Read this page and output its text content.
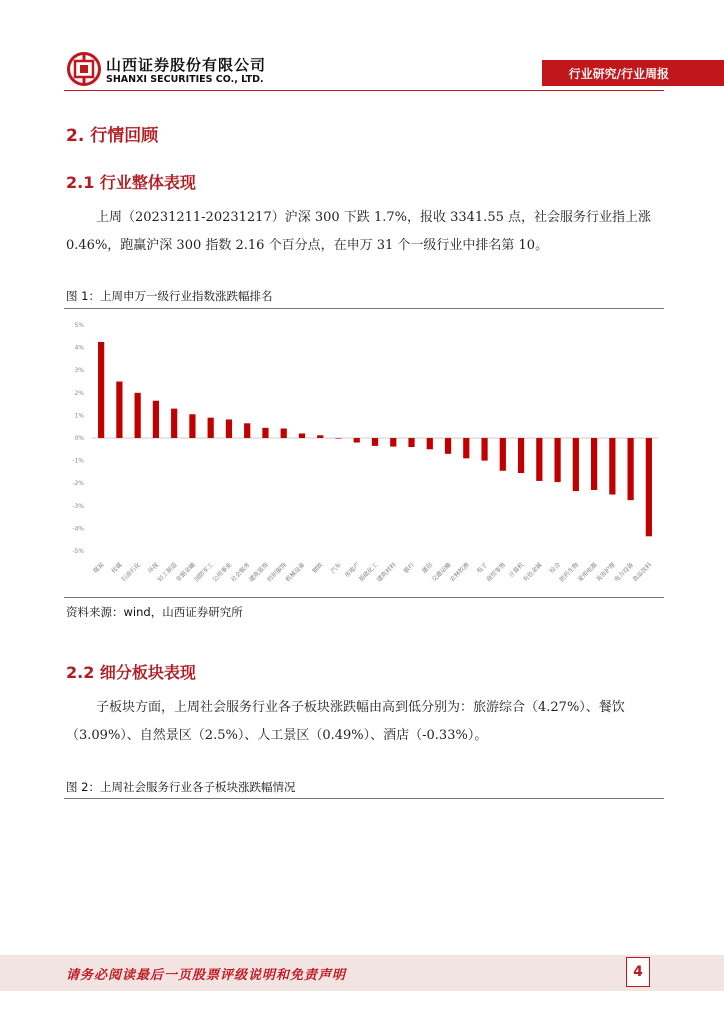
山西证券股份有限公司
SHANXI SECURITIES CO., LTD.	行业研究/行业周报
2. 行情回顾
2.1 行业整体表现
上周（20231211-20231217）沪深 300 下跌 1.7%，报收 3341.55 点，社会服务行业指上涨 0.46%，跑赢沪深 300 指数 2.16 个百分点，在申万 31 个一级行业中排名第 10。
图 1：上周申万一级行业指数涨跌幅排名
-5%
-4%
-3%
-2%
-1%
0%
1%
2%
3%
4%
5%
煤炭 传媒
石油石化 环保
轻工制造
非银金融
国防军工
公用事业
社会服务
建筑装饰
纺织服饰
机械设备 钢铁 汽车 房地产
基础化工
建筑材料 银行 通信
交通运输
农林牧渔 电子
商贸零售 计算机
有色金属 综合
医药生物
家用电器
美容护理
电力设备
食品饮料
资料来源：wind，山西证券研究所
2.2 细分板块表现
子板块方面，上周社会服务行业各子板块涨跌幅由高到低分别为：旅游综合（4.27%）、餐饮（3.09%）、自然景区（2.5%）、人工景区（0.49%）、酒店（-0.33%）。
图 2：上周社会服务行业各子板块涨跌幅情况
请务必阅读最后一页股票评级说明和免责声明	4
